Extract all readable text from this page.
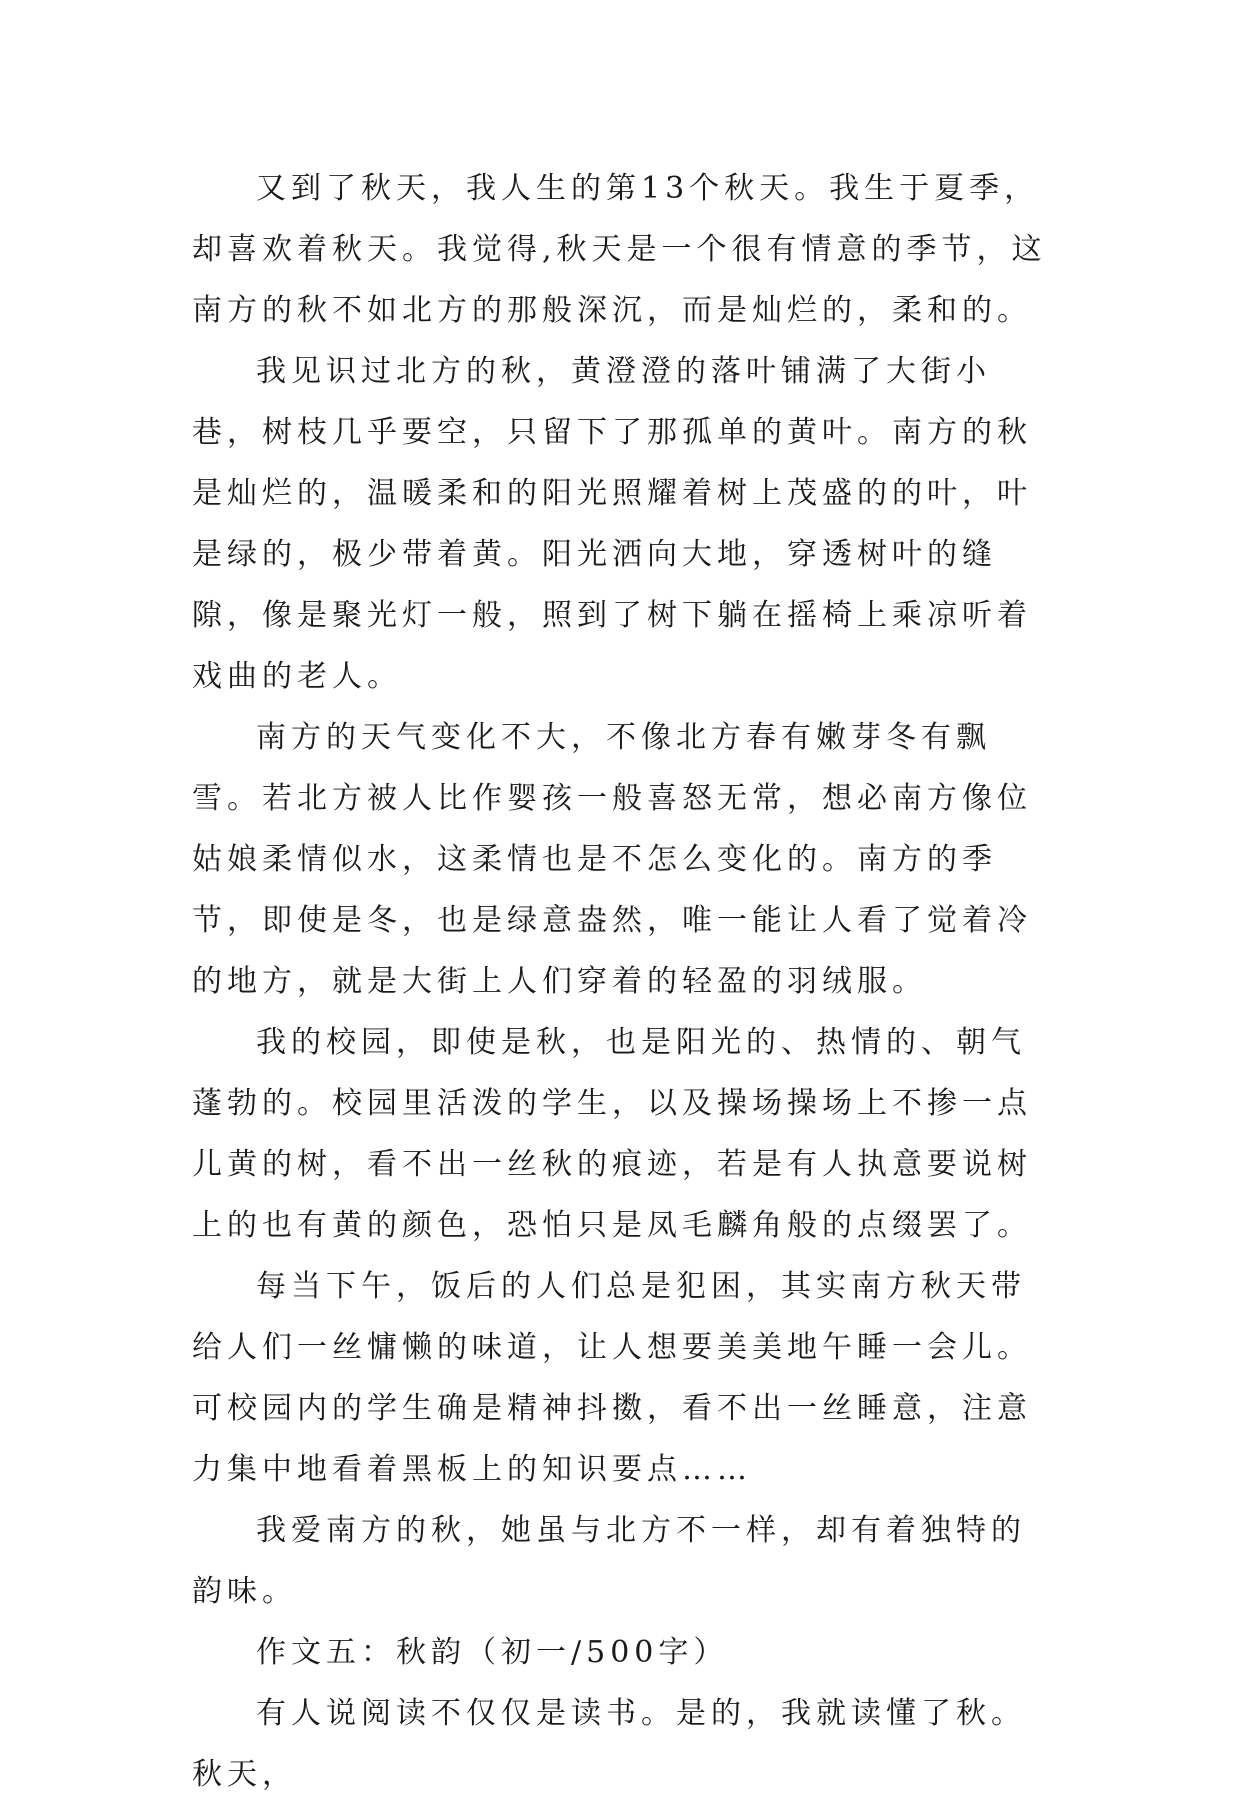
又到了秋天，我人生的第13个秋天。我生于夏季，却喜欢着秋天。我觉得,秋天是一个很有情意的季节，这南方的秋不如北方的那般深沉，而是灿烂的，柔和的。

我见识过北方的秋，黄澄澄的落叶铺满了大街小巷，树枝几乎要空，只留下了那孤单的黄叶。南方的秋是灿烂的，温暖柔和的阳光照耀着树上茂盛的的叶，叶是绿的，极少带着黄。阳光洒向大地，穿透树叶的缝隙，像是聚光灯一般，照到了树下躺在摇椅上乘凉听着戏曲的老人。

南方的天气变化不大，不像北方春有嫩芽冬有飘雪。若北方被人比作婴孩一般喜怒无常，想必南方像位姑娘柔情似水，这柔情也是不怎么变化的。南方的季节，即使是冬，也是绿意盎然，唯一能让人看了觉着冷的地方，就是大街上人们穿着的轻盈的羽绒服。

我的校园，即使是秋，也是阳光的、热情的、朝气蓬勃的。校园里活泼的学生，以及操场操场上不掺一点儿黄的树，看不出一丝秋的痕迹，若是有人执意要说树上的也有黄的颜色，恐怕只是凤毛麟角般的点缀罢了。

每当下午，饭后的人们总是犯困，其实南方秋天带给人们一丝慵懒的味道，让人想要美美地午睡一会儿。可校园内的学生确是精神抖擞，看不出一丝睡意，注意力集中地看着黑板上的知识要点……

我爱南方的秋，她虽与北方不一样，却有着独特的韵味。

作文五：秋韵（初一/500字）

有人说阅读不仅仅是读书。是的，我就读懂了秋。秋天，
